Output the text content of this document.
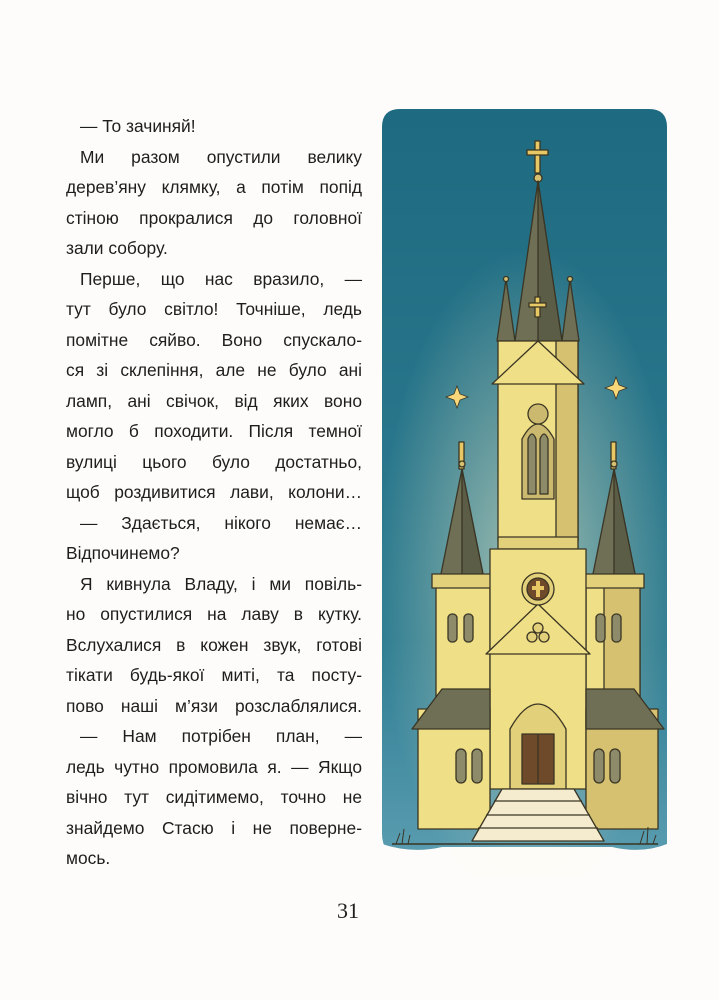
— То зачиняй!
Ми разом опустили велику
дерев’яну клямку, а потім попід
стіною прокралися до головної
зали собору.
Перше, що нас вразило, —
тут було світло! Точніше, ледь
помітне сяйво. Воно спускало-
ся зі склепіння, але не було ані
ламп, ані свічок, від яких воно
могло б походити. Після темної
вулиці цього було достатньо,
щоб роздивитися лави, колони…
— Здається, нікого немає…
Відпочинемо?
Я кивнула Владу, і ми повіль-
но опустилися на лаву в кутку.
Вслухалися в кожен звук, готові
тікати будь-якої миті, та посту-
пово наші м’язи розслаблялися.
— Нам потрібен план, —
ледь чутно промовила я. — Якщо
вічно тут сидітимемо, точно не
знайдемо Стасю і не поверне-
мось.
31
